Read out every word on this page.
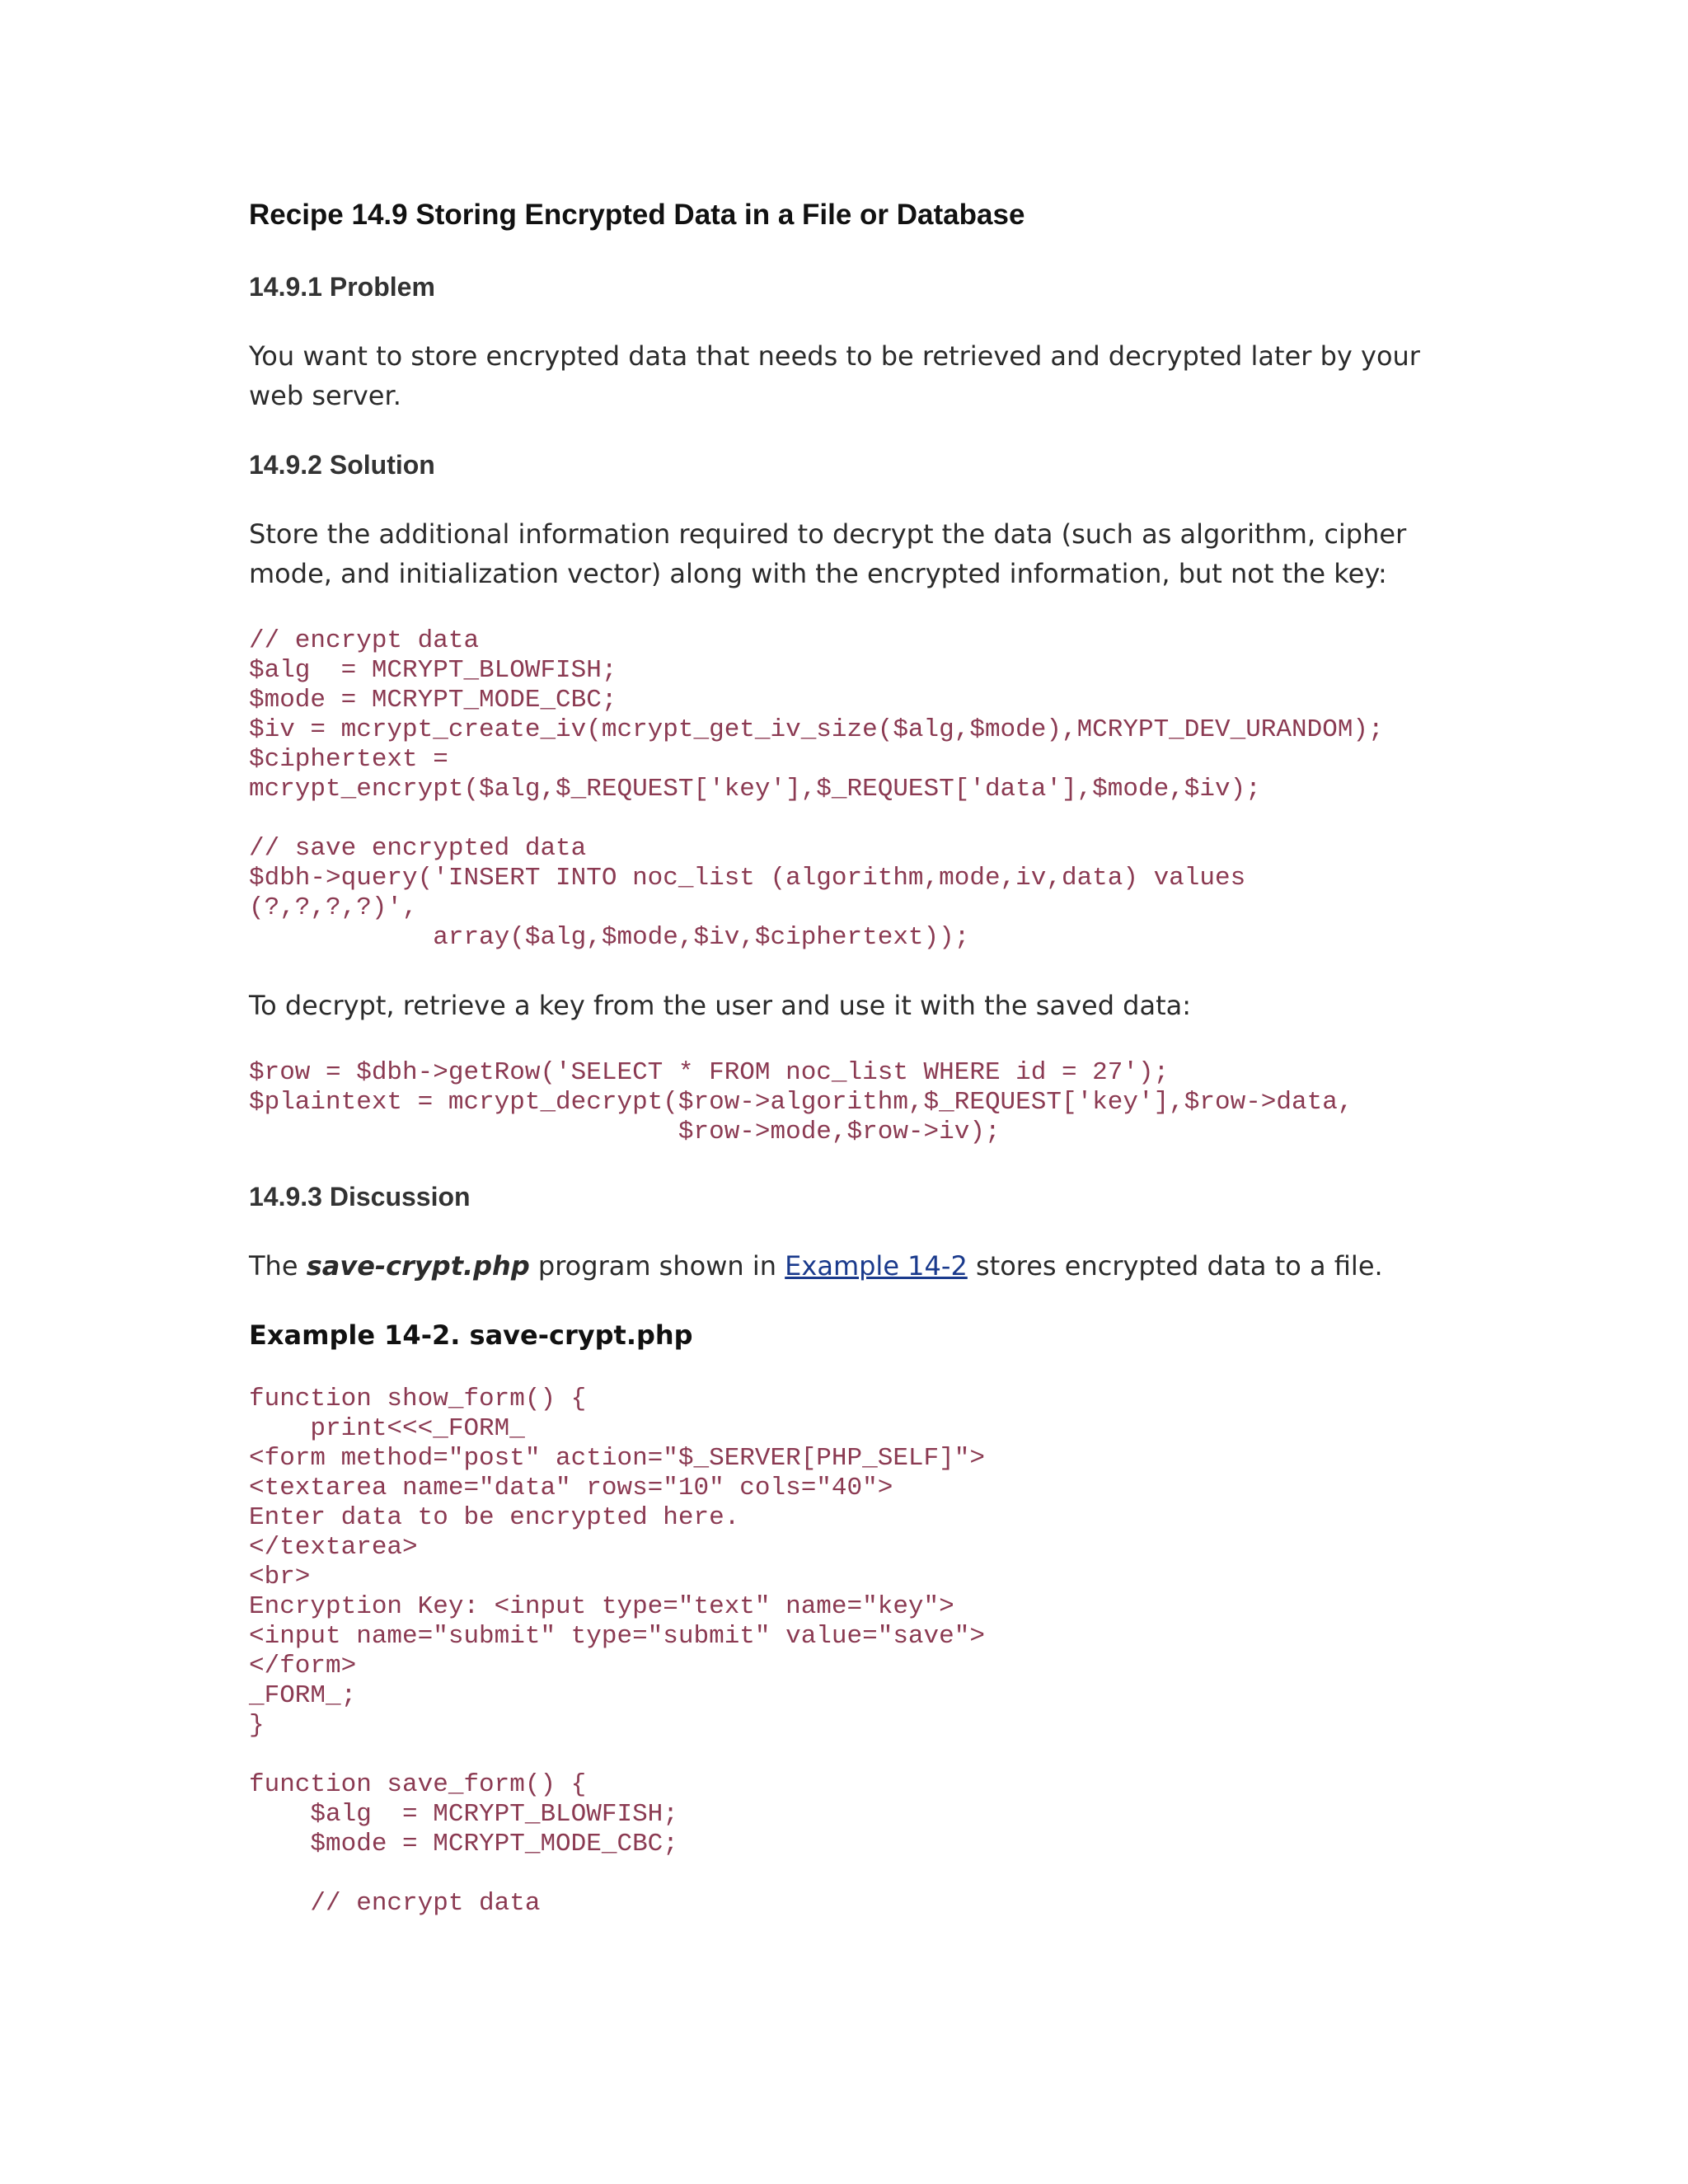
Recipe 14.9 Storing Encrypted Data in a File or Database
14.9.1 Problem

You want to store encrypted data that needs to be retrieved and decrypted later by your web server.

14.9.2 Solution

Store the additional information required to decrypt the data (such as algorithm, cipher mode, and initialization vector) along with the encrypted information, but not the key:

// encrypt data
$alg  = MCRYPT_BLOWFISH;
$mode = MCRYPT_MODE_CBC;
$iv = mcrypt_create_iv(mcrypt_get_iv_size($alg,$mode),MCRYPT_DEV_URANDOM);
$ciphertext =
mcrypt_encrypt($alg,$_REQUEST['key'],$_REQUEST['data'],$mode,$iv);

// save encrypted data
$dbh->query('INSERT INTO noc_list (algorithm,mode,iv,data) values
(?,?,?,?)',
array($alg,$mode,$iv,$ciphertext));

To decrypt, retrieve a key from the user and use it with the saved data:

$row = $dbh->getRow('SELECT * FROM noc_list WHERE id = 27');
$plaintext = mcrypt_decrypt($row->algorithm,$_REQUEST['key'],$row->data,
$row->mode,$row->iv);
14.9.3 Discussion

The save-crypt.php program shown in Example 14-2 stores encrypted data to a file.

Example 14-2. save-crypt.php
function show_form() {
print<<<_FORM_
<form method="post" action="$_SERVER[PHP_SELF]">
<textarea name="data" rows="10" cols="40">
Enter data to be encrypted here.
</textarea>
<br>
Encryption Key: <input type="text" name="key">
<input name="submit" type="submit" value="save">
</form>
_FORM_;
}

function save_form() {
$alg  = MCRYPT_BLOWFISH;
$mode = MCRYPT_MODE_CBC;

// encrypt data
